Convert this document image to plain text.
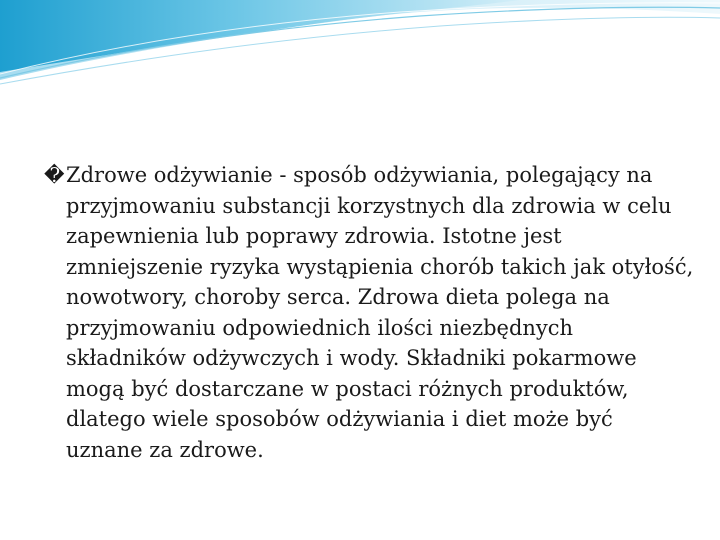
�Zdrowe odżywianie - sposób odżywiania, polegający na przyjmowaniu substancji korzystnych dla zdrowia w celu zapewnienia lub poprawy zdrowia. Istotne jest zmniejszenie ryzyka wystąpienia chorób takich jak otyłość, nowotwory, choroby serca. Zdrowa dieta polega na przyjmowaniu odpowiednich ilości niezbędnych składników odżywczych i wody. Składniki pokarmowe mogą być dostarczane w postaci różnych produktów, dlatego wiele sposobów odżywiania i diet może być uznane za zdrowe.
